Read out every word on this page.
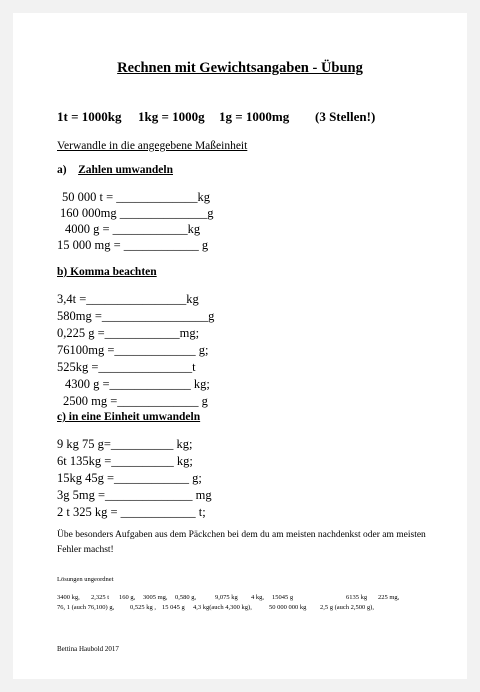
Rechnen mit Gewichtsangaben - Übung
1t = 1000kg 1kg = 1000g 1g = 1000mg (3 Stellen!)
Verwandle in die angegebene Maßeinheit
a) Zahlen umwandeln
50 000 t = _____________kg
160 000mg ______________g
4000 g = ____________kg
15 000 mg = ____________ g
b) Komma beachten
3,4t =________________kg
580mg =_________________g
0,225 g =____________mg;
76100mg =_____________ g;
525kg =_______________t
4300 g =_____________ kg;
2500 mg =_____________ g
c) in eine Einheit umwandeln
9 kg 75 g=__________ kg;
6t 135kg =__________ kg;
15kg 45g =____________ g;
3g 5mg =______________ mg
2 t 325 kg = ____________ t;
Übe besonders Aufgaben aus dem Päckchen bei dem du am meisten nachdenkst oder am meisten Fehler machst!
Lösungen ungeordnet
3400 kg, 2,325 t 160 g, 3005 mg, 0,580 g,	9,075 kg 4 kg, 15045 g	6135 kg 225 mg,
76, 1 (auch 76,100) g, 0,525 kg , 15 045 g 4,3 kg(auch 4,300 kg),	50 000 000 kg 2,5 g (auch 2,500 g),
Bettina Haubold 2017
